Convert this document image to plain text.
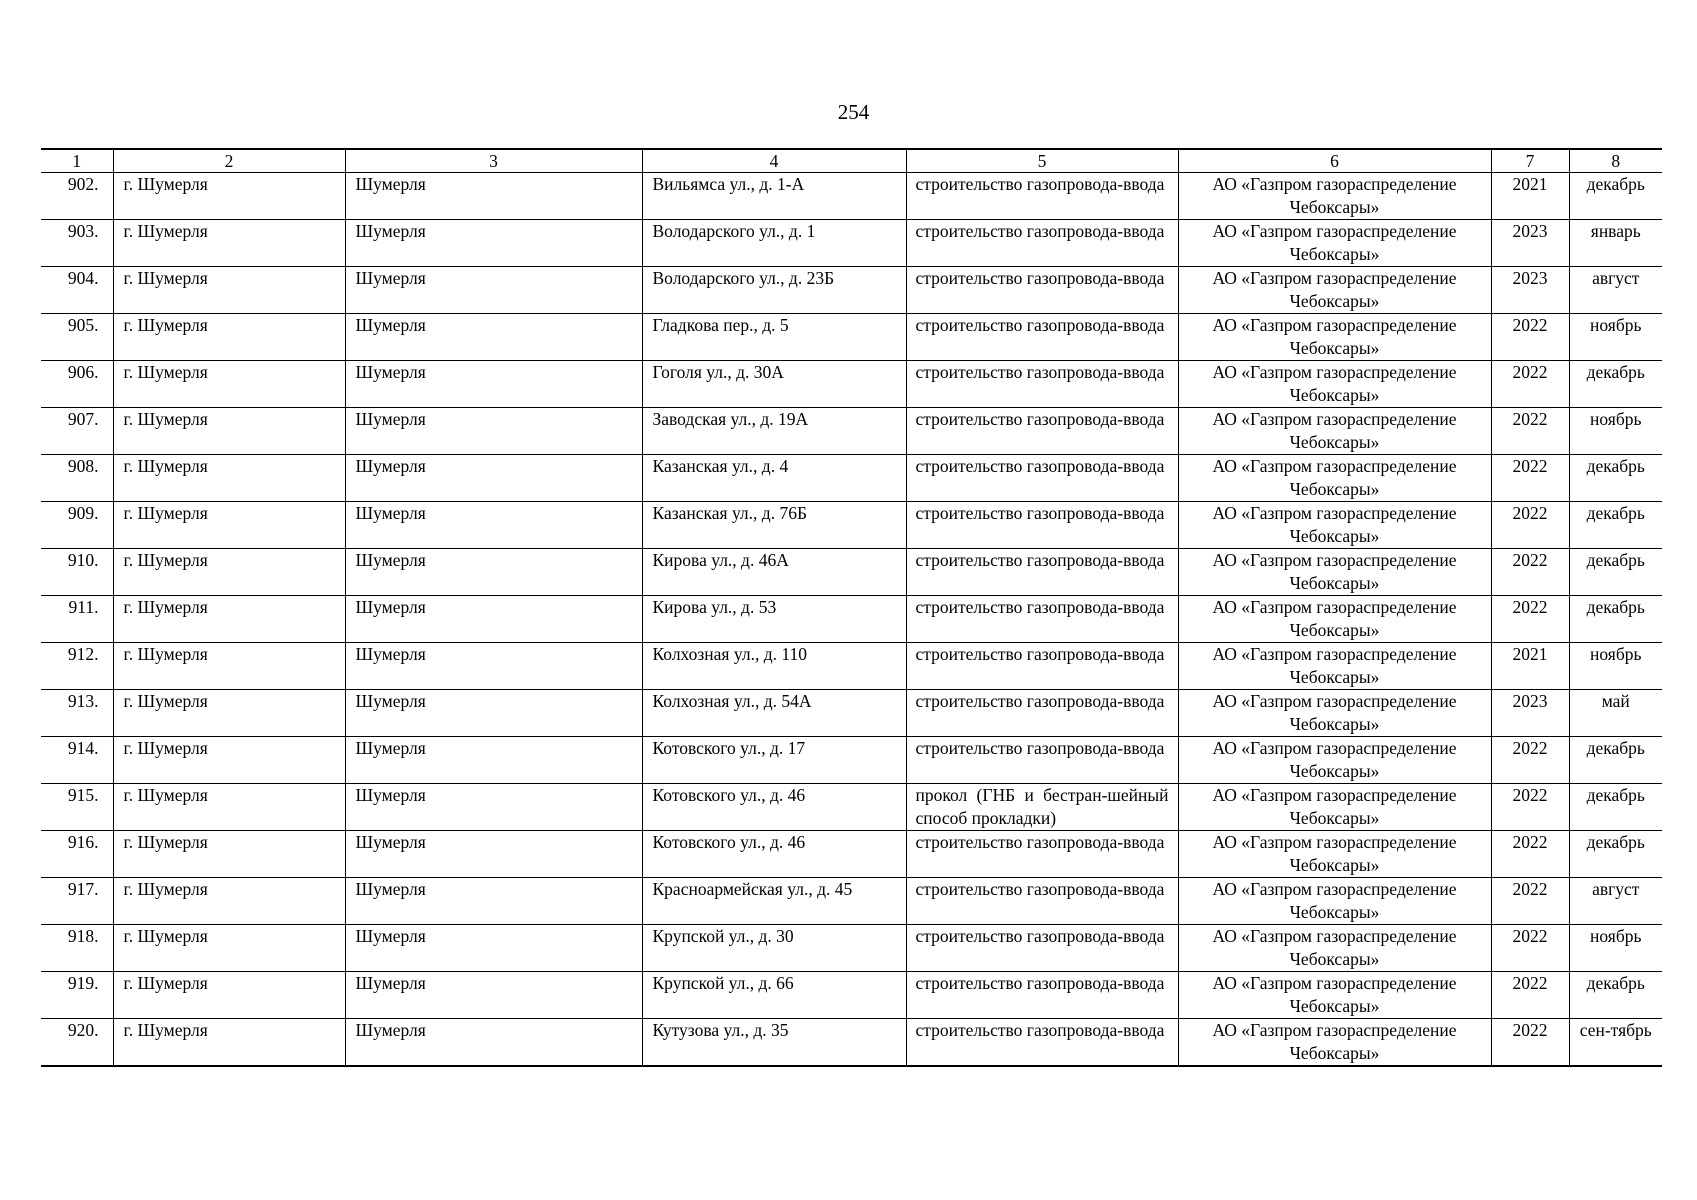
254
1	2	3	4	5	6	7	8
902.	г. Шумерля	Шумерля	Вильямса ул., д. 1-А	строительство газопровода-ввода	АО «Газпром газораспределение Чебоксары»	2021	декабрь
903.	г. Шумерля	Шумерля	Володарского ул., д. 1	строительство газопровода-ввода	АО «Газпром газораспределение Чебоксары»	2023	январь
904.	г. Шумерля	Шумерля	Володарского ул., д. 23Б	строительство газопровода-ввода	АО «Газпром газораспределение Чебоксары»	2023	август
905.	г. Шумерля	Шумерля	Гладкова пер., д. 5	строительство газопровода-ввода	АО «Газпром газораспределение Чебоксары»	2022	ноябрь
906.	г. Шумерля	Шумерля	Гоголя ул., д. 30А	строительство газопровода-ввода	АО «Газпром газораспределение Чебоксары»	2022	декабрь
907.	г. Шумерля	Шумерля	Заводская ул., д. 19А	строительство газопровода-ввода	АО «Газпром газораспределение Чебоксары»	2022	ноябрь
908.	г. Шумерля	Шумерля	Казанская ул., д. 4	строительство газопровода-ввода	АО «Газпром газораспределение Чебоксары»	2022	декабрь
909.	г. Шумерля	Шумерля	Казанская ул., д. 76Б	строительство газопровода-ввода	АО «Газпром газораспределение Чебоксары»	2022	декабрь
910.	г. Шумерля	Шумерля	Кирова ул., д. 46А	строительство газопровода-ввода	АО «Газпром газораспределение Чебоксары»	2022	декабрь
911.	г. Шумерля	Шумерля	Кирова ул., д. 53	строительство газопровода-ввода	АО «Газпром газораспределение Чебоксары»	2022	декабрь
912.	г. Шумерля	Шумерля	Колхозная ул., д. 110	строительство газопровода-ввода	АО «Газпром газораспределение Чебоксары»	2021	ноябрь
913.	г. Шумерля	Шумерля	Колхозная ул., д. 54А	строительство газопровода-ввода	АО «Газпром газораспределение Чебоксары»	2023	май
914.	г. Шумерля	Шумерля	Котовского ул., д. 17	строительство газопровода-ввода	АО «Газпром газораспределение Чебоксары»	2022	декабрь
915.	г. Шумерля	Шумерля	Котовского ул., д. 46	прокол (ГНБ и бестран-шейный способ прокладки)	АО «Газпром газораспределение Чебоксары»	2022	декабрь
916.	г. Шумерля	Шумерля	Котовского ул., д. 46	строительство газопровода-ввода	АО «Газпром газораспределение Чебоксары»	2022	декабрь
917.	г. Шумерля	Шумерля	Красноармейская ул., д. 45	строительство газопровода-ввода	АО «Газпром газораспределение Чебоксары»	2022	август
918.	г. Шумерля	Шумерля	Крупской ул., д. 30	строительство газопровода-ввода	АО «Газпром газораспределение Чебоксары»	2022	ноябрь
919.	г. Шумерля	Шумерля	Крупской ул., д. 66	строительство газопровода-ввода	АО «Газпром газораспределение Чебоксары»	2022	декабрь
920.	г. Шумерля	Шумерля	Кутузова ул., д. 35	строительство газопровода-ввода	АО «Газпром газораспределение Чебоксары»	2022	сен-тябрь
